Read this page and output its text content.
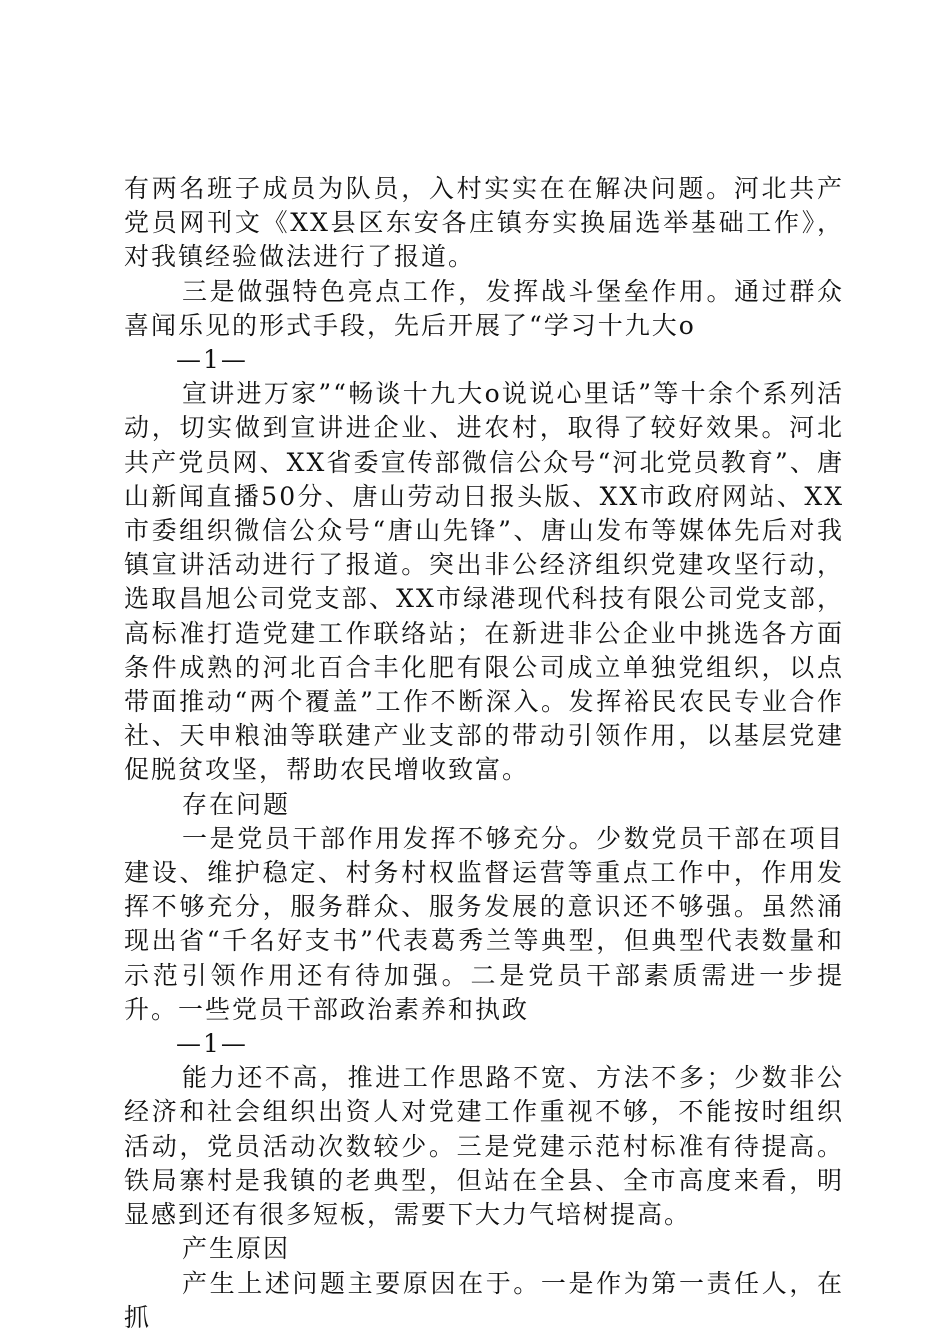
有两名班子成员为队员，入村实实在在解决问题。河北共产党员网刊文《XX县区东安各庄镇夯实换届选举基础工作》，对我镇经验做法进行了报道。

三是做强特色亮点工作，发挥战斗堡垒作用。通过群众喜闻乐见的形式手段，先后开展了“学习十九大o

—1—

宣讲进万家”“畅谈十九大o说说心里话”等十余个系列活动，切实做到宣讲进企业、进农村，取得了较好效果。河北共产党员网、XX省委宣传部微信公众号“河北党员教育”、唐山新闻直播50分、唐山劳动日报头版、XX市政府网站、XX市委组织微信公众号“唐山先锋”、唐山发布等媒体先后对我镇宣讲活动进行了报道。突出非公经济组织党建攻坚行动，选取昌旭公司党支部、XX市绿港现代科技有限公司党支部，高标准打造党建工作联络站；在新进非公企业中挑选各方面条件成熟的河北百合丰化肥有限公司成立单独党组织，以点带面推动“两个覆盖”工作不断深入。发挥裕民农民专业合作社、天申粮油等联建产业支部的带动引领作用，以基层党建促脱贫攻坚，帮助农民增收致富。

存在问题

一是党员干部作用发挥不够充分。少数党员干部在项目建设、维护稳定、村务村权监督运营等重点工作中，作用发挥不够充分，服务群众、服务发展的意识还不够强。虽然涌现出省“千名好支书”代表葛秀兰等典型，但典型代表数量和示范引领作用还有待加强。二是党员干部素质需进一步提升。一些党员干部政治素养和执政

—1—

能力还不高，推进工作思路不宽、方法不多；少数非公经济和社会组织出资人对党建工作重视不够，不能按时组织活动，党员活动次数较少。三是党建示范村标准有待提高。铁局寨村是我镇的老典型，但站在全县、全市高度来看，明显感到还有很多短板，需要下大力气培树提高。

产生原因

产生上述问题主要原因在于。一是作为第一责任人，在抓
